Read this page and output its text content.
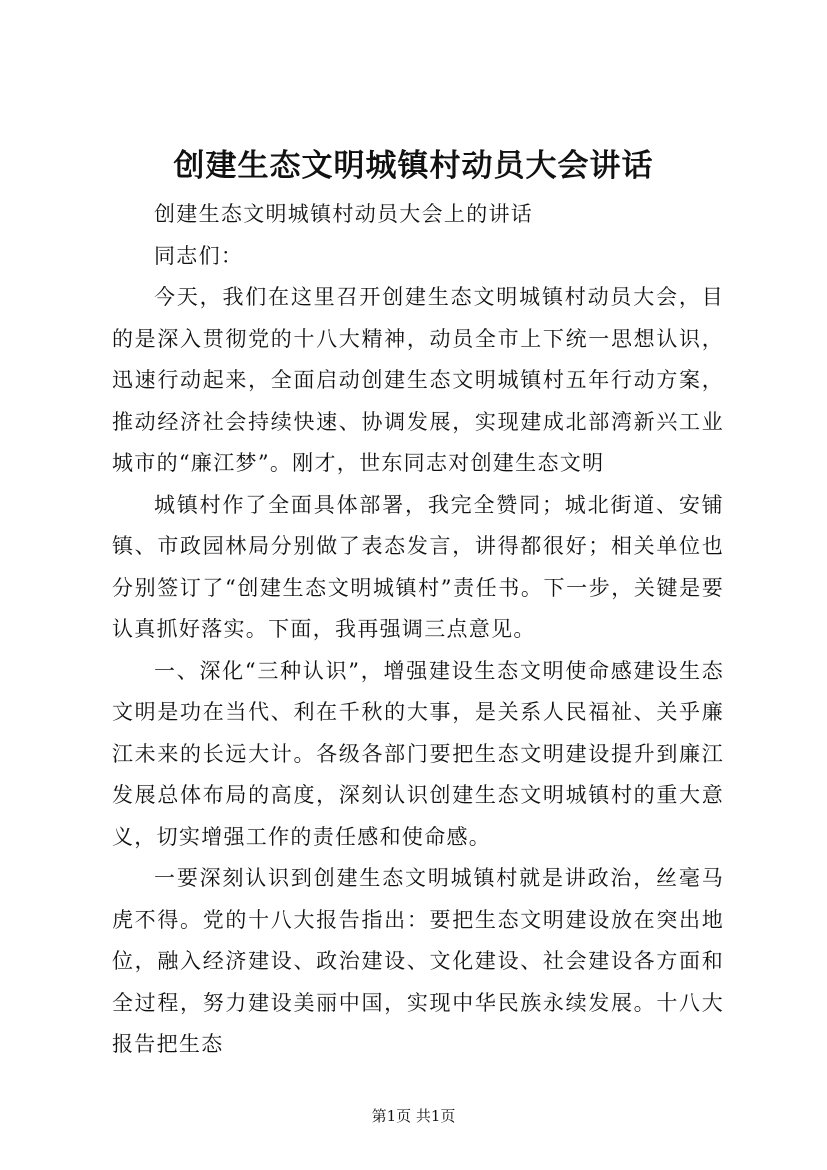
创建生态文明城镇村动员大会讲话

创建生态文明城镇村动员大会上的讲话

同志们：

今天，我们在这里召开创建生态文明城镇村动员大会，目的是深入贯彻党的十八大精神，动员全市上下统一思想认识，迅速行动起来，全面启动创建生态文明城镇村五年行动方案，推动经济社会持续快速、协调发展，实现建成北部湾新兴工业城市的“廉江梦”。刚才，世东同志对创建生态文明

城镇村作了全面具体部署，我完全赞同；城北街道、安铺镇、市政园林局分别做了表态发言，讲得都很好；相关单位也分别签订了“创建生态文明城镇村”责任书。下一步，关键是要认真抓好落实。下面，我再强调三点意见。

一、深化“三种认识”，增强建设生态文明使命感建设生态文明是功在当代、利在千秋的大事，是关系人民福祉、关乎廉江未来的长远大计。各级各部门要把生态文明建设提升到廉江发展总体布局的高度，深刻认识创建生态文明城镇村的重大意义，切实增强工作的责任感和使命感。

一要深刻认识到创建生态文明城镇村就是讲政治，丝毫马虎不得。党的十八大报告指出：要把生态文明建设放在突出地位，融入经济建设、政治建设、文化建设、社会建设各方面和全过程，努力建设美丽中国，实现中华民族永续发展。十八大报告把生态

第1页 共1页
